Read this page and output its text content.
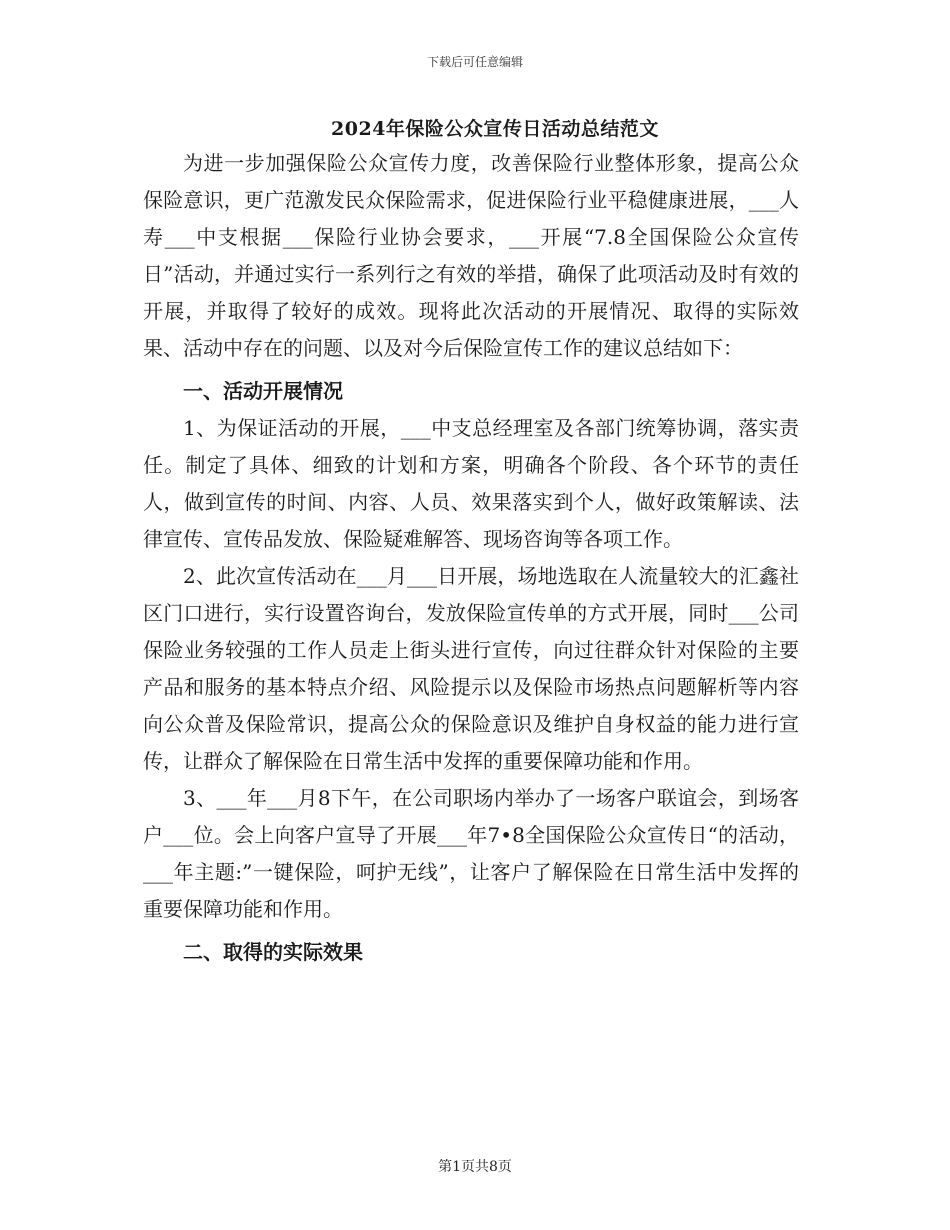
下载后可任意编辑
2024年保险公众宣传日活动总结范文

为进一步加强保险公众宣传力度，改善保险行业整体形象，提高公众保险意识，更广范激发民众保险需求，促进保险行业平稳健康进展，___人寿___中支根据___保险行业协会要求，___开展“7.8全国保险公众宣传日”活动，并通过实行一系列行之有效的举措，确保了此项活动及时有效的开展，并取得了较好的成效。现将此次活动的开展情况、取得的实际效果、活动中存在的问题、以及对今后保险宣传工作的建议总结如下：

一、活动开展情况

1、为保证活动的开展，___中支总经理室及各部门统筹协调，落实责任。制定了具体、细致的计划和方案，明确各个阶段、各个环节的责任人，做到宣传的时间、内容、人员、效果落实到个人，做好政策解读、法律宣传、宣传品发放、保险疑难解答、现场咨询等各项工作。

2、此次宣传活动在___月___日开展，场地选取在人流量较大的汇鑫社区门口进行，实行设置咨询台，发放保险宣传单的方式开展，同时___公司保险业务较强的工作人员走上街头进行宣传，向过往群众针对保险的主要产品和服务的基本特点介绍、风险提示以及保险市场热点问题解析等内容向公众普及保险常识，提高公众的保险意识及维护自身权益的能力进行宣传，让群众了解保险在日常生活中发挥的重要保障功能和作用。

3、___年___月8下午，在公司职场内举办了一场客户联谊会，到场客户___位。会上向客户宣导了开展___年7•8全国保险公众宣传日“的活动，___年主题:”一键保险，呵护无线”，让客户了解保险在日常生活中发挥的重要保障功能和作用。

二、取得的实际效果
第1页共8页
